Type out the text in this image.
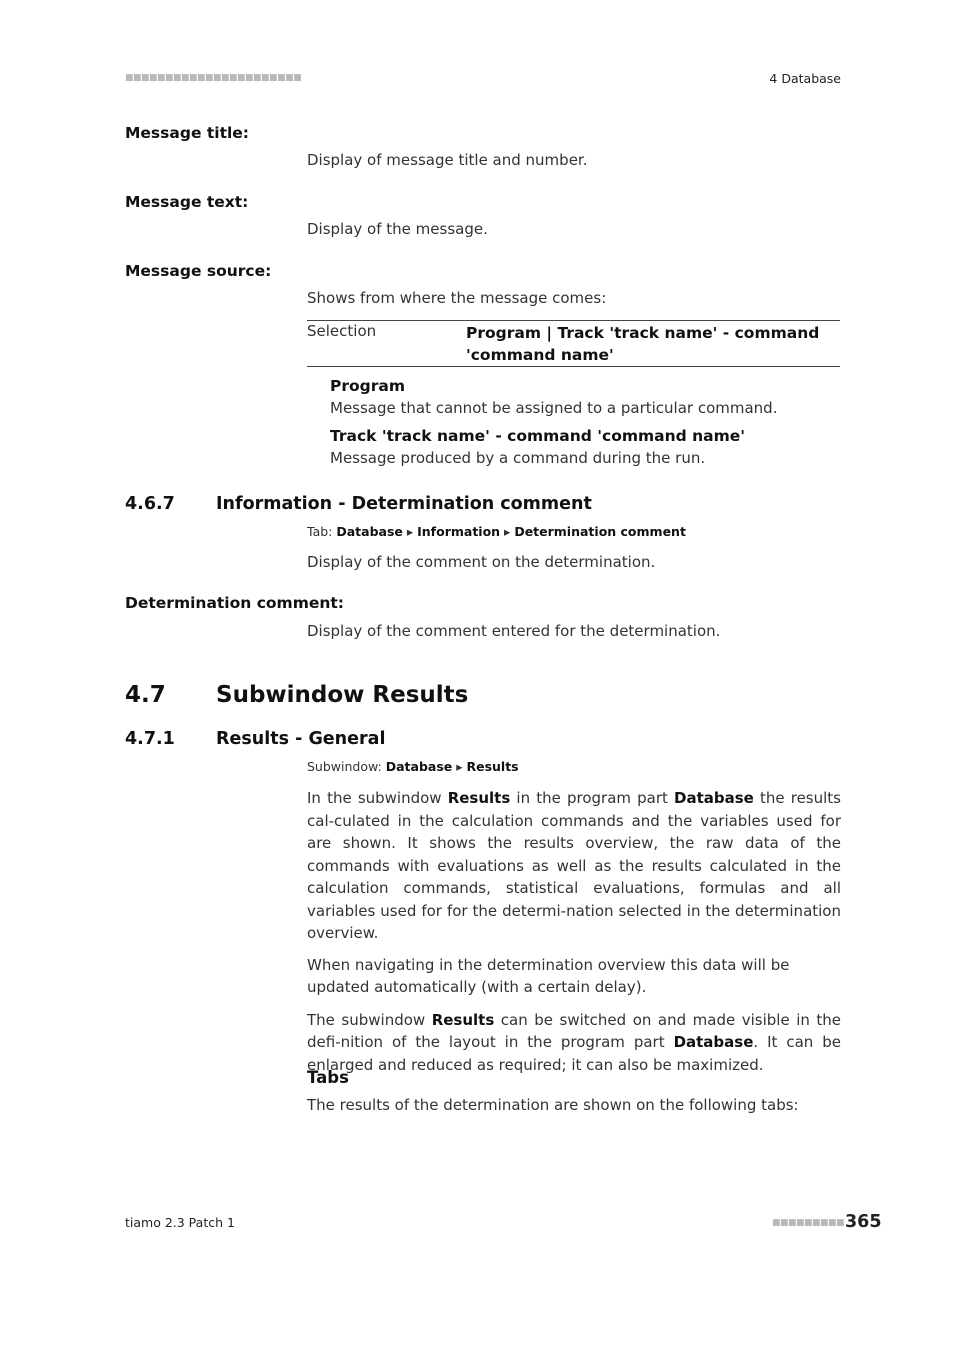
■■■■■■■■■■■■■■■■■■■■■■	4 Database
Message title:
Display of message title and number.
Message text:
Display of the message.
Message source:
Shows from where the message comes:
Selection	Program | Track 'track name' - command
'command name'
Program
Message that cannot be assigned to a particular command.
Track 'track name' - command 'command name'
Message produced by a command during the run.
4.6.7 Information - Determination comment
Tab: Database ▸ Information ▸ Determination comment
Display of the comment on the determination.
Determination comment:
Display of the comment entered for the determination.
4.7 Subwindow Results
4.7.1 Results - General
Subwindow: Database ▸ Results

In the subwindow Results in the program part Database the results cal-culated in the calculation commands and the variables used for are shown. It shows the results overview, the raw data of the commands with evaluations as well as the results calculated in the calculation commands, statistical evaluations, formulas and all variables used for for the determi-nation selected in the determination overview.

When navigating in the determination overview this data will be updated automatically (with a certain delay).

The subwindow Results can be switched on and made visible in the defi-nition of the layout in the program part Database. It can be enlarged and reduced as required; it can also be maximized.

Tabs
The results of the determination are shown on the following tabs:
tiamo 2.3 Patch 1	■■■■■■■■■ 365
